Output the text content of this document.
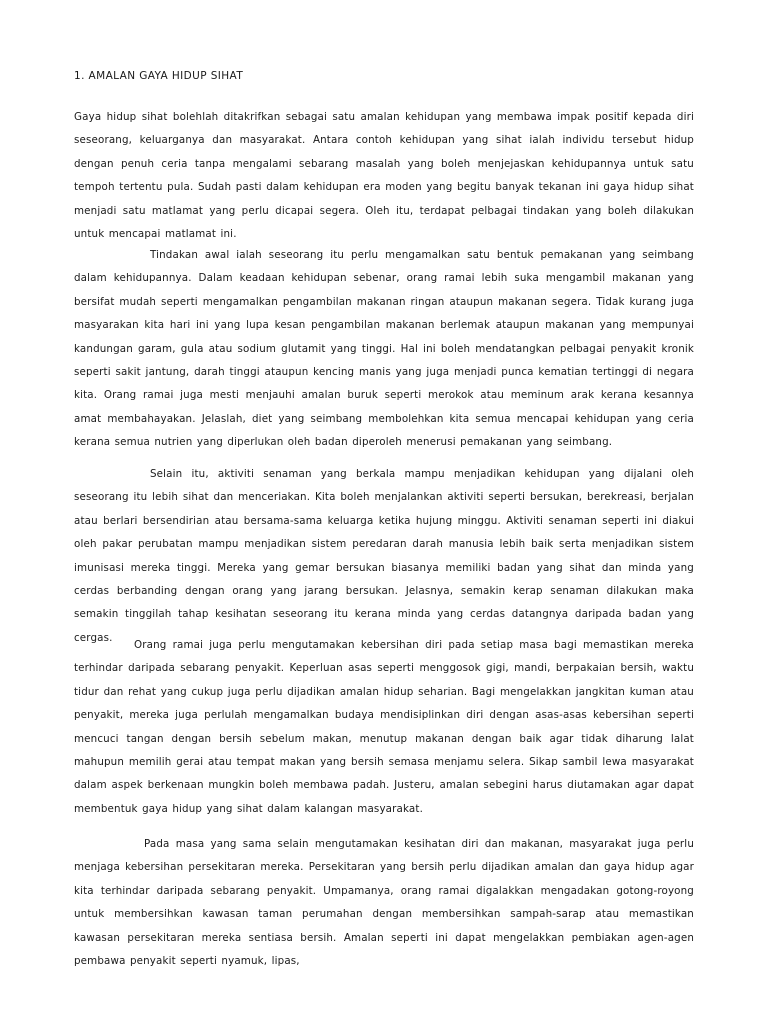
1. AMALAN GAYA HIDUP SIHAT

Gaya hidup sihat bolehlah ditakrifkan sebagai satu amalan kehidupan yang membawa impak positif kepada diri seseorang, keluarganya dan masyarakat. Antara contoh kehidupan yang sihat ialah individu tersebut hidup dengan penuh ceria tanpa mengalami sebarang masalah yang boleh menjejaskan kehidupannya untuk satu tempoh tertentu pula. Sudah pasti dalam kehidupan era moden yang begitu banyak tekanan ini gaya hidup sihat menjadi satu matlamat yang perlu dicapai segera. Oleh itu, terdapat pelbagai tindakan yang boleh dilakukan untuk mencapai matlamat ini.

Tindakan awal ialah seseorang itu perlu mengamalkan satu bentuk pemakanan yang seimbang dalam kehidupannya. Dalam keadaan kehidupan sebenar, orang ramai lebih suka mengambil makanan yang bersifat mudah seperti mengamalkan pengambilan makanan ringan ataupun makanan segera. Tidak kurang juga masyarakan kita hari ini yang lupa kesan pengambilan makanan berlemak ataupun makanan yang mempunyai kandungan garam, gula atau sodium glutamit yang tinggi. Hal ini boleh mendatangkan pelbagai penyakit kronik seperti sakit jantung, darah tinggi ataupun kencing manis yang juga menjadi punca kematian tertinggi di negara kita. Orang ramai juga mesti menjauhi amalan buruk seperti merokok atau meminum arak kerana kesannya amat membahayakan. Jelaslah, diet yang seimbang membolehkan kita semua mencapai kehidupan yang ceria kerana semua nutrien yang diperlukan oleh badan diperoleh menerusi pemakanan yang seimbang.

Selain itu, aktiviti senaman yang berkala mampu menjadikan kehidupan yang dijalani oleh seseorang itu lebih sihat dan menceriakan. Kita boleh menjalankan aktiviti seperti bersukan, berekreasi, berjalan atau berlari bersendirian atau bersama-sama keluarga ketika hujung minggu. Aktiviti senaman seperti ini diakui oleh pakar perubatan mampu menjadikan sistem peredaran darah manusia lebih baik serta menjadikan sistem imunisasi mereka tinggi. Mereka yang gemar bersukan biasanya memiliki badan yang sihat dan minda yang cerdas berbanding dengan orang yang jarang bersukan. Jelasnya, semakin kerap senaman dilakukan maka semakin tinggilah tahap kesihatan seseorang itu kerana minda yang cerdas datangnya daripada badan yang cergas.

Orang ramai juga perlu mengutamakan kebersihan diri pada setiap masa bagi memastikan mereka terhindar daripada sebarang penyakit. Keperluan asas seperti menggosok gigi, mandi, berpakaian bersih, waktu tidur dan rehat yang cukup juga perlu dijadikan amalan hidup seharian. Bagi mengelakkan jangkitan kuman atau penyakit, mereka juga perlulah mengamalkan budaya mendisiplinkan diri dengan asas-asas kebersihan seperti mencuci tangan dengan bersih sebelum makan, menutup makanan dengan baik agar tidak diharung lalat mahupun memilih gerai atau tempat makan yang bersih semasa menjamu selera. Sikap sambil lewa masyarakat dalam aspek berkenaan mungkin boleh membawa padah. Justeru, amalan sebegini harus diutamakan agar dapat membentuk gaya hidup yang sihat dalam kalangan masyarakat.

Pada masa yang sama selain mengutamakan kesihatan diri dan makanan, masyarakat juga perlu menjaga kebersihan persekitaran mereka. Persekitaran yang bersih perlu dijadikan amalan dan gaya hidup agar kita terhindar daripada sebarang penyakit. Umpamanya, orang ramai digalakkan mengadakan gotong-royong untuk membersihkan kawasan taman perumahan dengan membersihkan sampah-sarap atau memastikan kawasan persekitaran mereka sentiasa bersih. Amalan seperti ini dapat mengelakkan pembiakan agen-agen pembawa penyakit seperti nyamuk, lipas,
